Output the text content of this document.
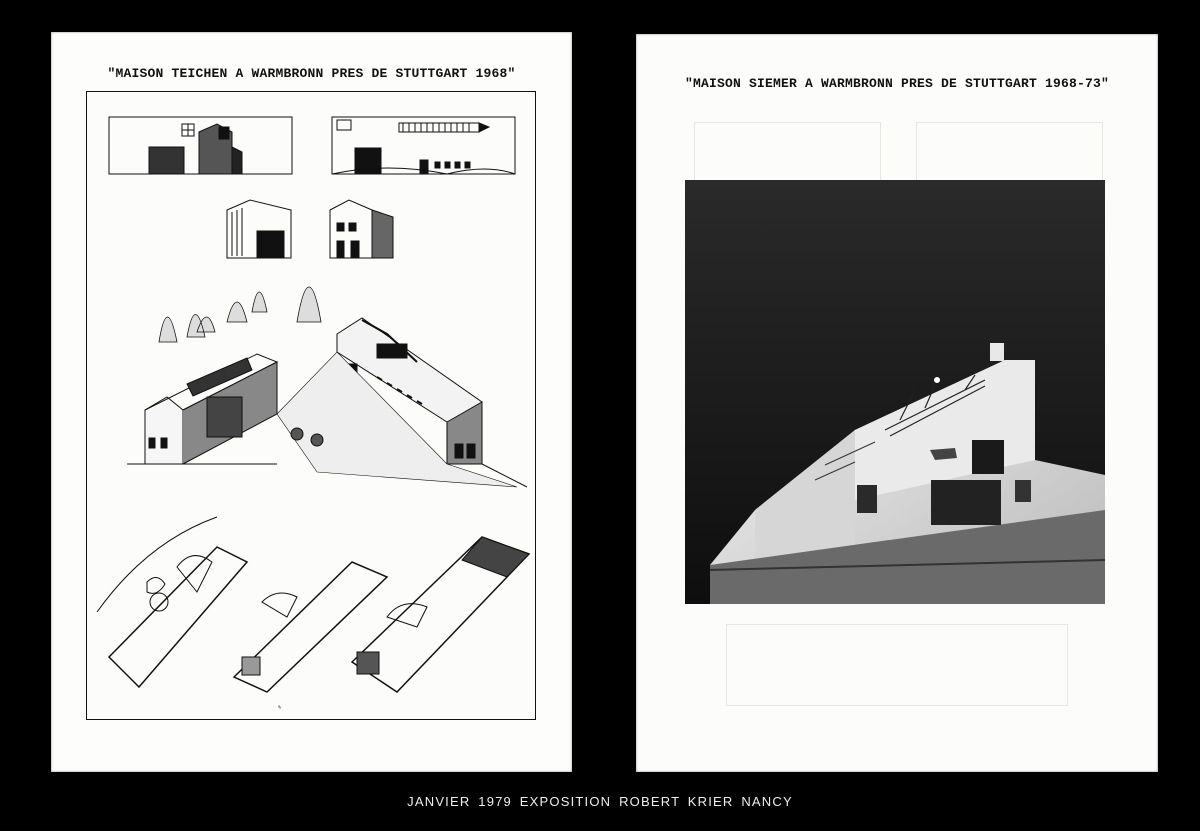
"MAISON TEICHEN A WARMBRONN PRES DE STUTTGART 1968"
✎
"MAISON SIEMER A WARMBRONN PRES DE STUTTGART 1968-73"
JANVIER 1979 EXPOSITION ROBERT KRIER NANCY
